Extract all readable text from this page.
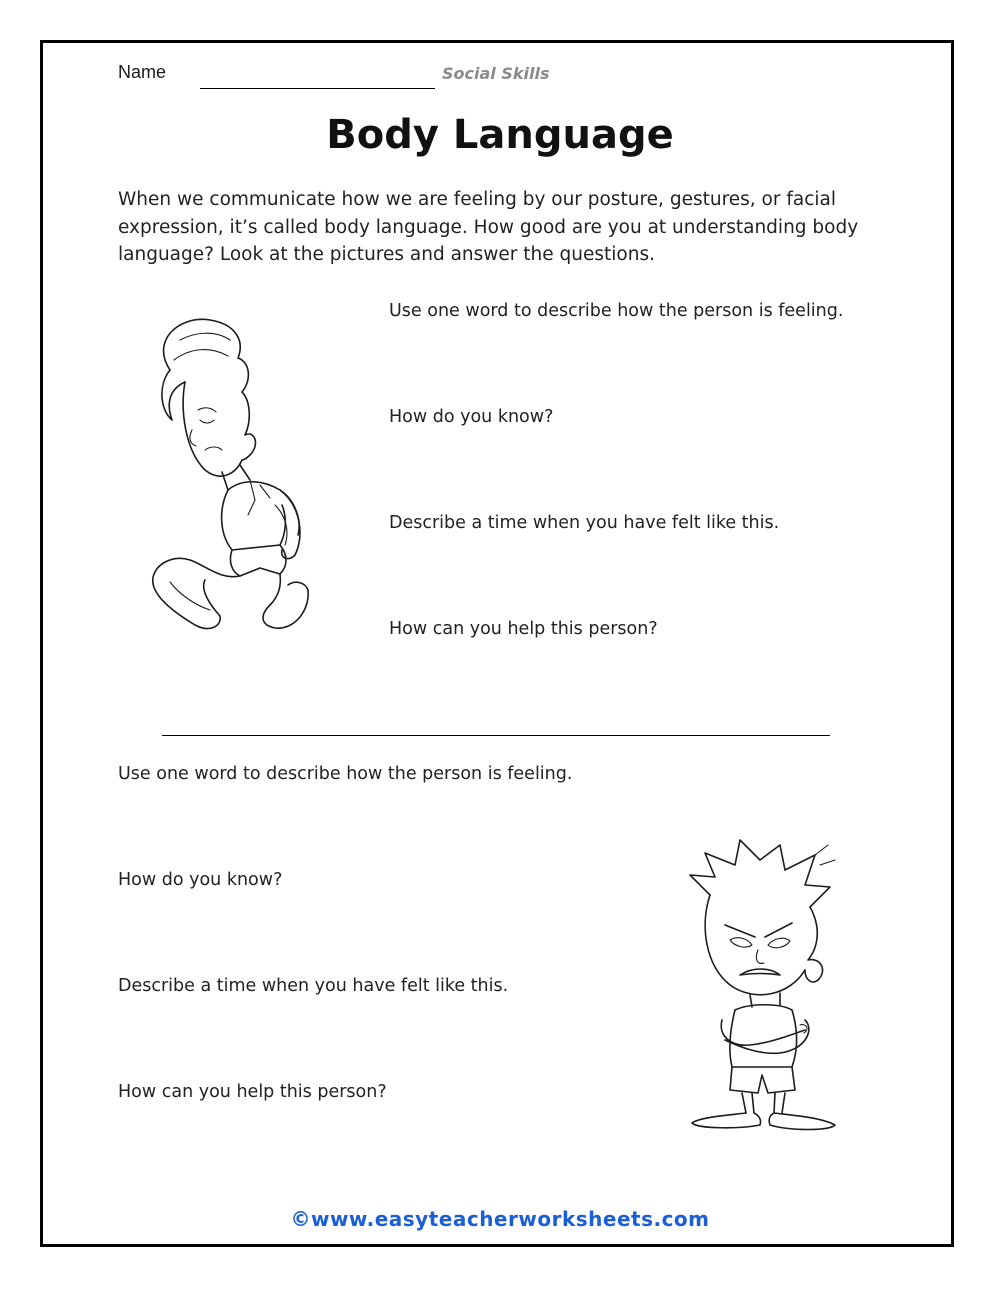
Name	Social Skills
Body Language
When we communicate how we are feeling by our posture, gestures, or facial expression, it’s called body language. How good are you at understanding body language? Look at the pictures and answer the questions.
Use one word to describe how the person is feeling.
How do you know?
Describe a time when you have felt like this.
How can you help this person?
Use one word to describe how the person is feeling.
How do you know?
Describe a time when you have felt like this.
How can you help this person?
©www.easyteacherworksheets.com
